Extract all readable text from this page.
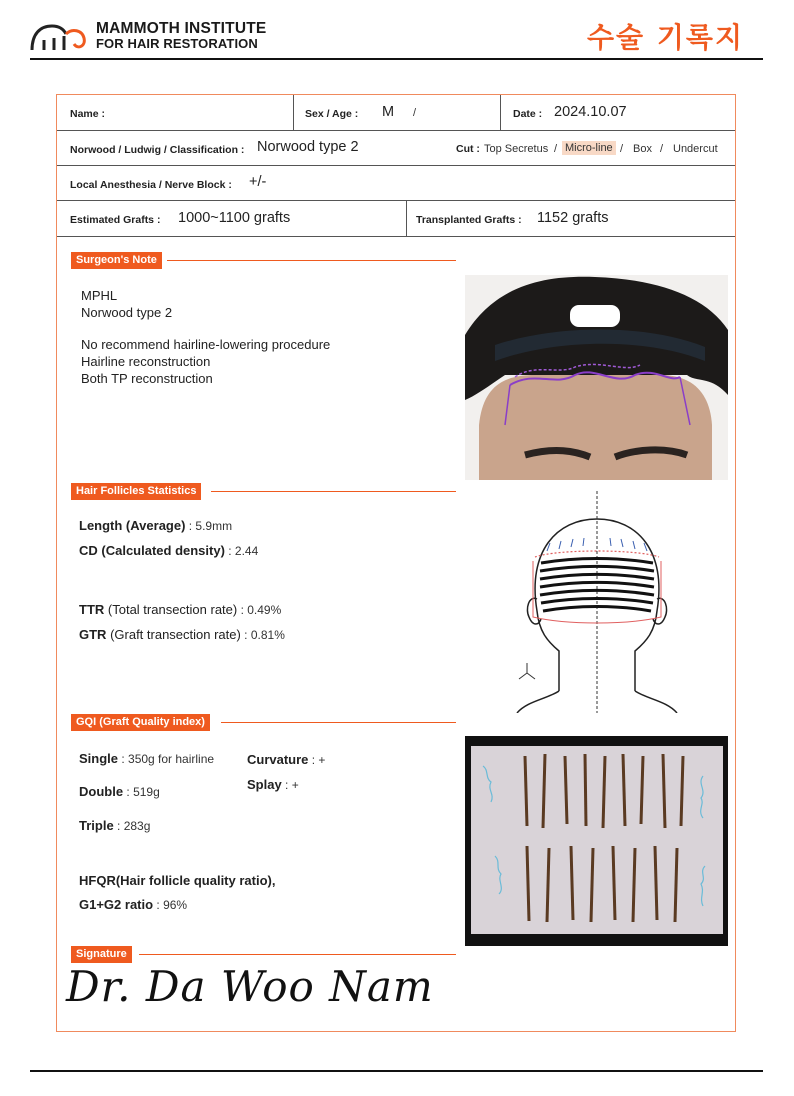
MAMMOTH INSTITUTE
FOR HAIR RESTORATION	수술 기록지
Name :	Sex / Age : M /	Date : 2024.10.07
Norwood / Ludwig / Classification : Norwood type 2	Cut : Top Secretus / Micro-line / Box / Undercut
Local Anesthesia / Nerve Block : +/-
Estimated Grafts : 1000~1100 grafts	Transplanted Grafts : 1152 grafts
Surgeon's Note
MPHL
Norwood type 2
No recommend hairline-lowering procedure
Hairline reconstruction
Both TP reconstruction
Hair Follicles Statistics
Length (Average) : 5.9mm
CD (Calculated density) : 2.44
TTR (Total transection rate) : 0.49%
GTR (Graft transection rate) : 0.81%
GQI (Graft Quality index)
Single : 350g for hairline
Double : 519g
Triple : 283g
Curvature : +
Splay : +
HFQR(Hair follicle quality ratio),
G1+G2 ratio : 96%
Signature
Dr. Da Woo Nam
